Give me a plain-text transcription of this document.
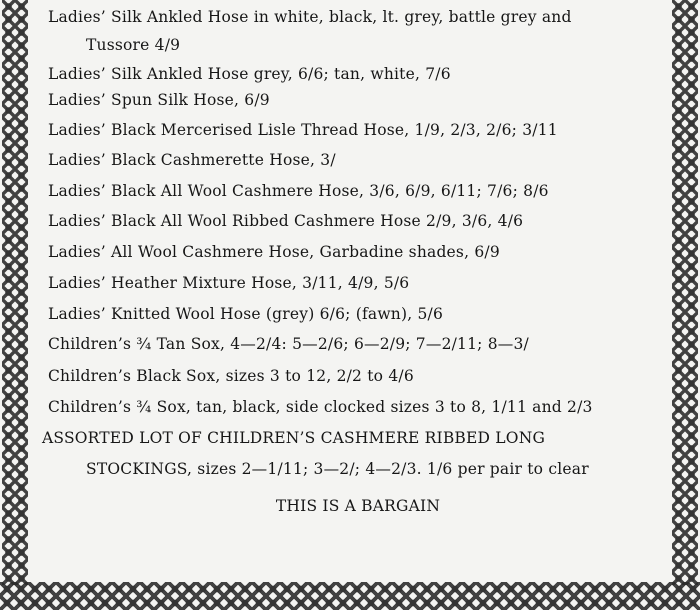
Ladies’ Silk Ankled Hose in white, black, lt. grey, battle grey and
Tussore 4/9
Ladies’ Silk Ankled Hose grey, 6/6; tan, white, 7/6
Ladies’ Spun Silk Hose, 6/9
Ladies’ Black Mercerised Lisle Thread Hose, 1/9, 2/3, 2/6; 3/11
Ladies’ Black Cashmerette Hose, 3/
Ladies’ Black All Wool Cashmere Hose, 3/6, 6/9, 6/11; 7/6; 8/6
Ladies’ Black All Wool Ribbed Cashmere Hose 2/9, 3/6, 4/6
Ladies’ All Wool Cashmere Hose, Garbadine shades, 6/9
Ladies’ Heather Mixture Hose, 3/11, 4/9, 5/6
Ladies’ Knitted Wool Hose (grey) 6/6; (fawn), 5/6
Children’s ¾ Tan Sox, 4—2/4: 5—2/6; 6—2/9; 7—2/11; 8—3/
Children’s Black Sox, sizes 3 to 12, 2/2 to 4/6
Children’s ¾ Sox, tan, black, side clocked sizes 3 to 8, 1/11 and 2/3
ASSORTED LOT OF CHILDREN’S CASHMERE RIBBED LONG
STOCKINGS, sizes 2—1/11; 3—2/; 4—2/3. 1/6 per pair to clear
THIS IS A BARGAIN
